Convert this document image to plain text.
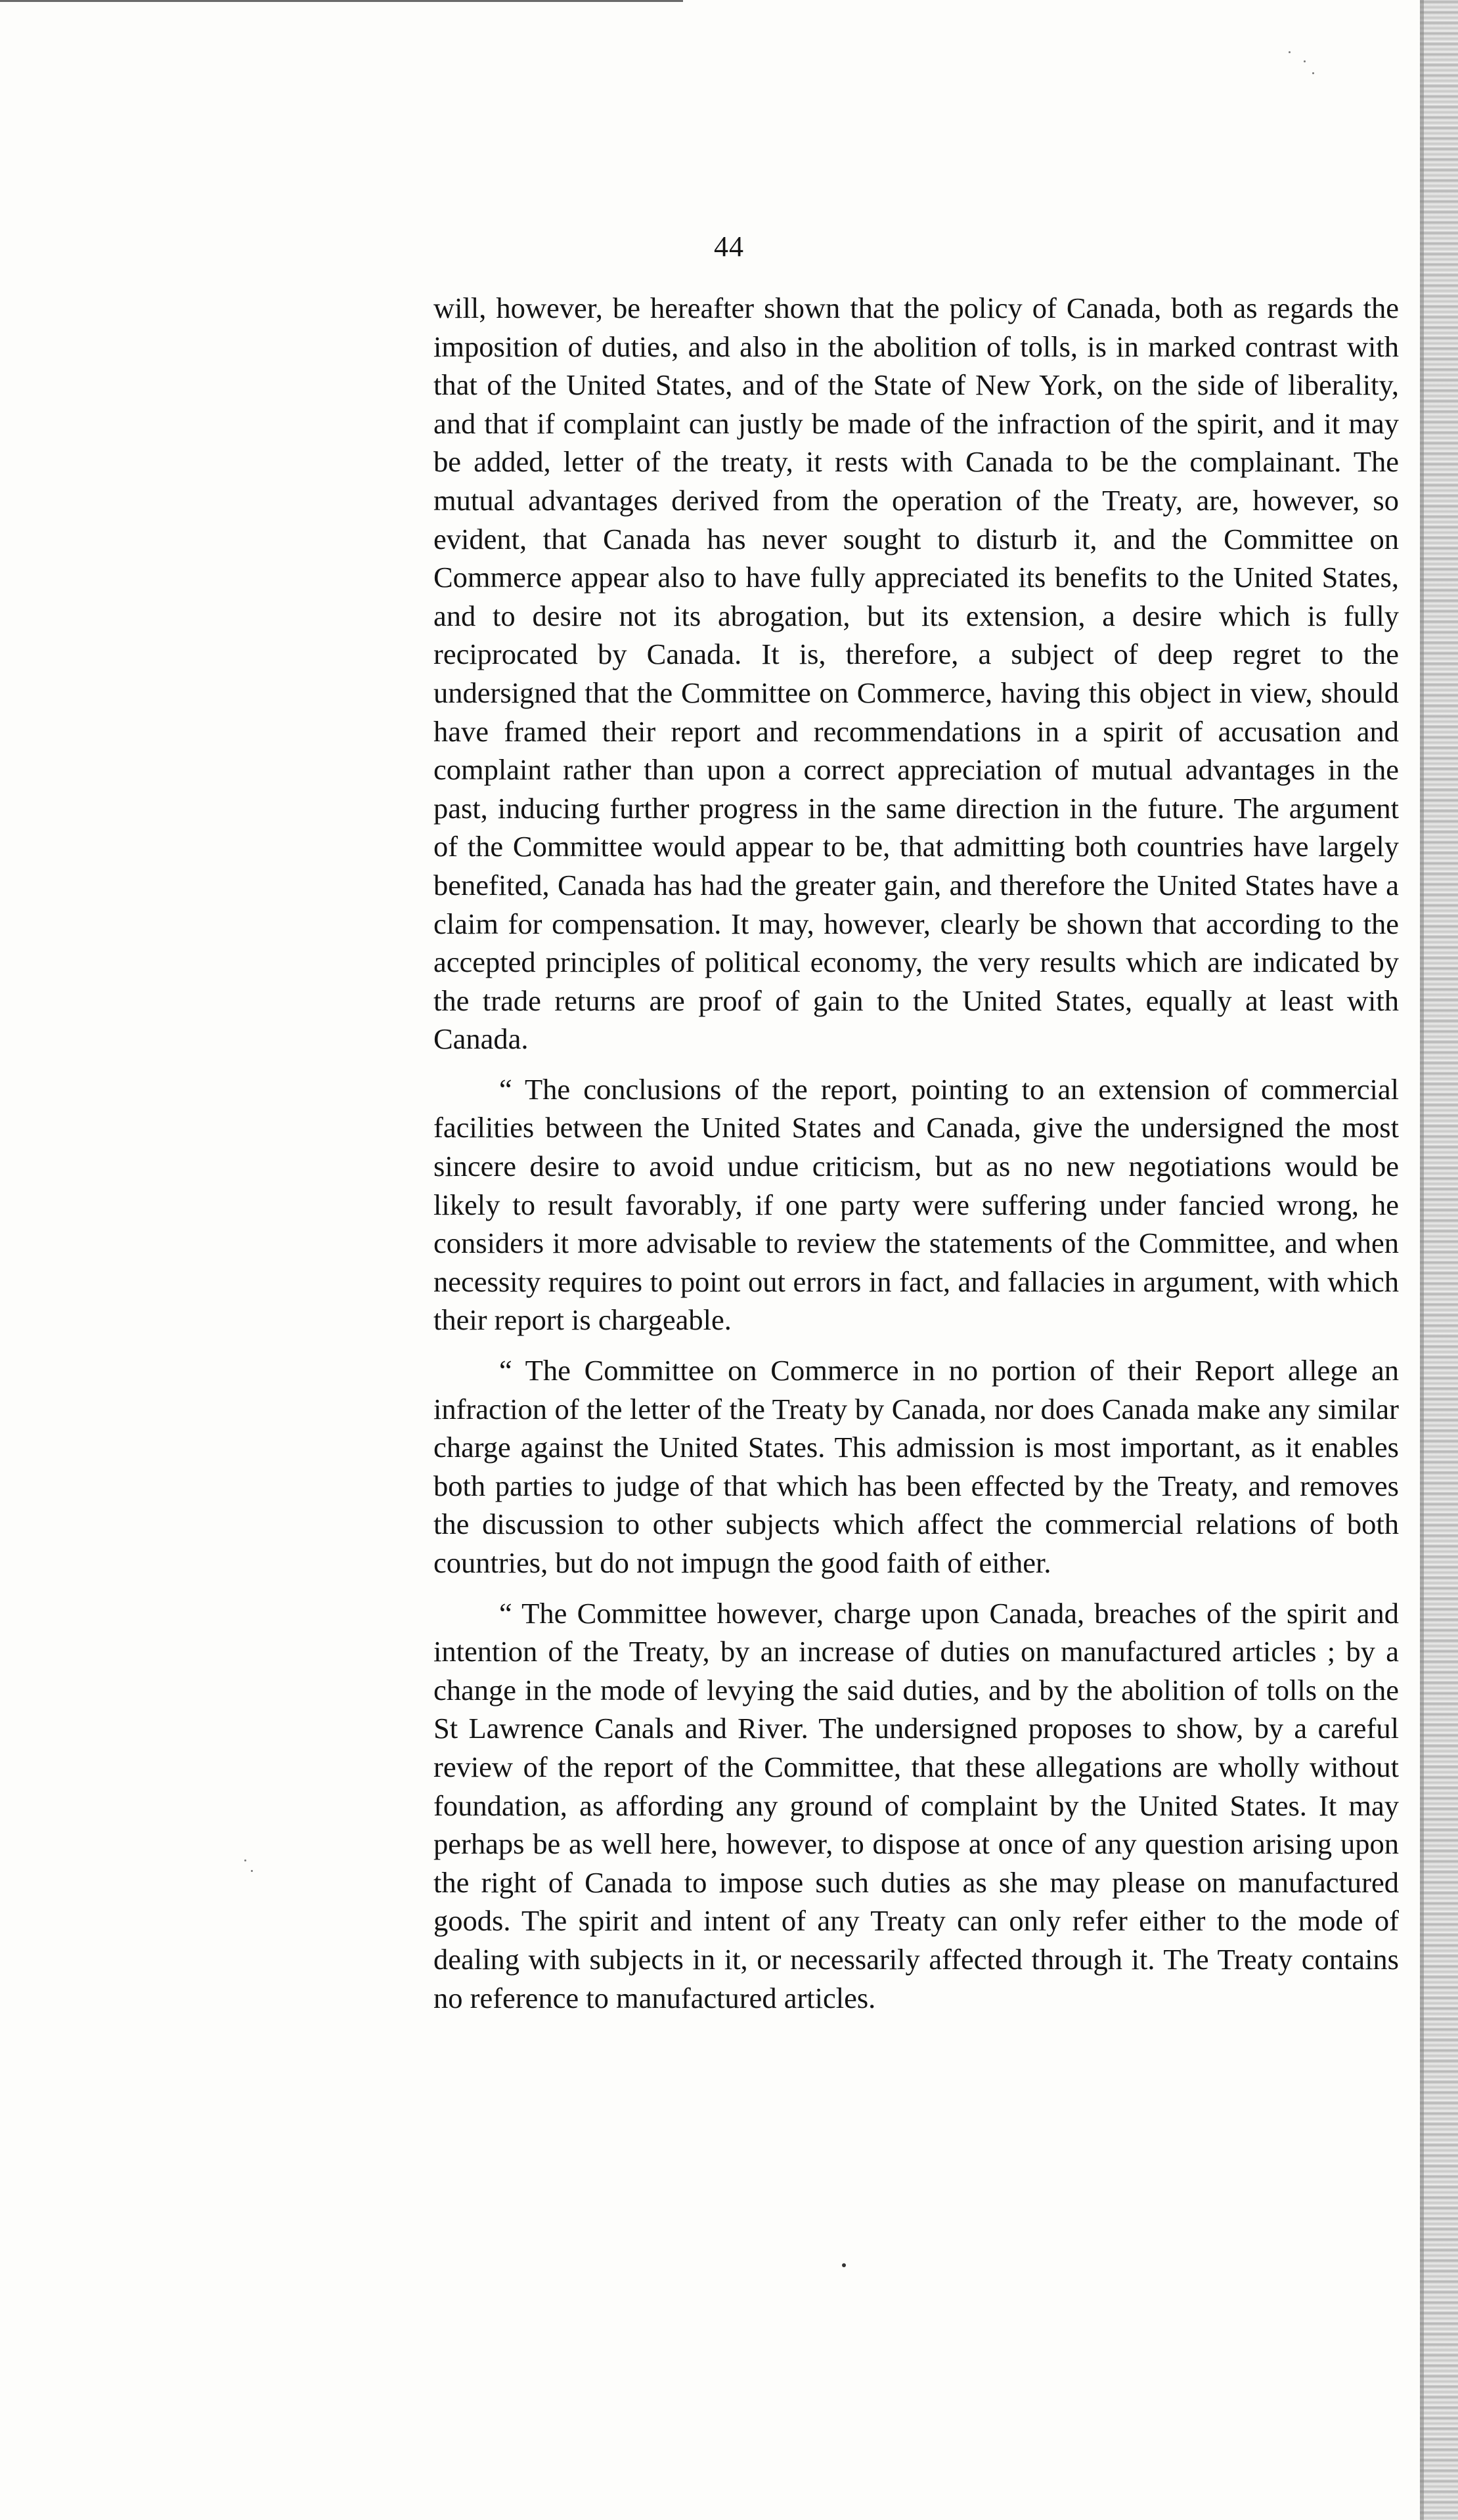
44

will, however, be hereafter shown that the policy of Canada, both as regards the imposition of duties, and also in the abolition of tolls, is in marked contrast with that of the United States, and of the State of New York, on the side of liberality, and that if complaint can justly be made of the infraction of the spirit, and it may be added, letter of the treaty, it rests with Canada to be the complainant. The mutual advantages derived from the operation of the Treaty, are, however, so evident, that Canada has never sought to disturb it, and the Committee on Commerce appear also to have fully appreciated its benefits to the United States, and to desire not its abrogation, but its extension, a desire which is fully reciprocated by Canada. It is, therefore, a subject of deep regret to the undersigned that the Committee on Commerce, having this object in view, should have framed their report and recommendations in a spirit of accusation and complaint rather than upon a correct appreciation of mutual advantages in the past, inducing further progress in the same direction in the future. The argument of the Committee would appear to be, that admitting both countries have largely benefited, Canada has had the greater gain, and therefore the United States have a claim for compensation. It may, however, clearly be shown that according to the accepted principles of political economy, the very results which are indicated by the trade returns are proof of gain to the United States, equally at least with Canada.

“ The conclusions of the report, pointing to an extension of commercial facilities between the United States and Canada, give the undersigned the most sincere desire to avoid undue criticism, but as no new negotiations would be likely to result favorably, if one party were suffering under fancied wrong, he considers it more advisable to review the statements of the Committee, and when necessity requires to point out errors in fact, and fallacies in argument, with which their report is chargeable.

“ The Committee on Commerce in no portion of their Report allege an infraction of the letter of the Treaty by Canada, nor does Canada make any similar charge against the United States. This admission is most important, as it enables both parties to judge of that which has been effected by the Treaty, and removes the discussion to other subjects which affect the commercial relations of both countries, but do not impugn the good faith of either.

“ The Committee however, charge upon Canada, breaches of the spirit and intention of the Treaty, by an increase of duties on manufactured articles ; by a change in the mode of levying the said duties, and by the abolition of tolls on the St Lawrence Canals and River. The undersigned proposes to show, by a careful review of the report of the Committee, that these allegations are wholly without foundation, as affording any ground of complaint by the United States. It may perhaps be as well here, however, to dispose at once of any question arising upon the right of Canada to impose such duties as she may please on manufactured goods. The spirit and intent of any Treaty can only refer either to the mode of dealing with subjects in it, or necessarily affected through it. The Treaty contains no reference to manufactured articles.
